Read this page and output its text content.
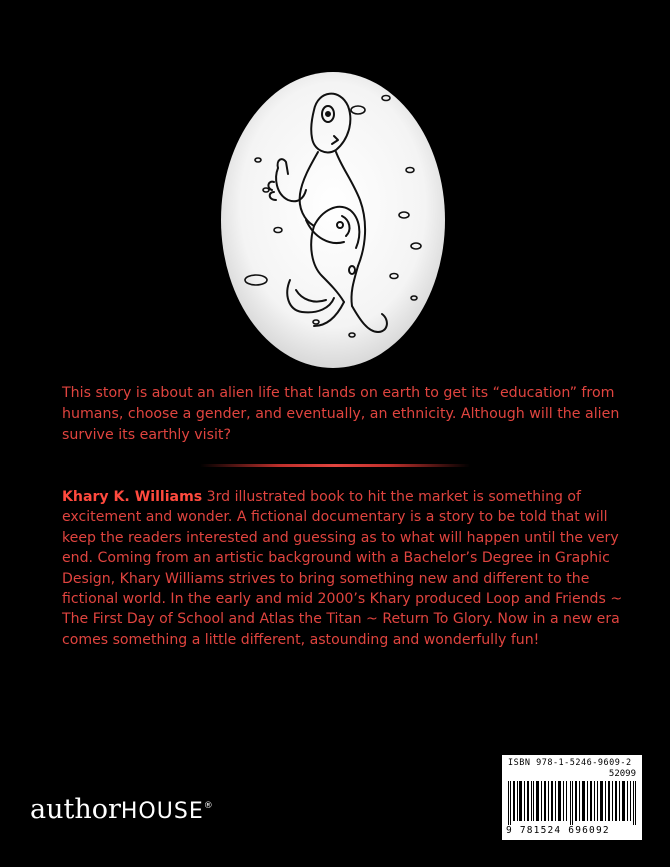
This story is about an alien life that lands on earth to get its “education” from humans, choose a gender, and eventually, an ethnicity. Although will the alien survive its earthly visit?

Khary K. Williams 3rd illustrated book to hit the market is something of excitement and wonder. A fictional documentary is a story to be told that will keep the readers interested and guessing as to what will happen until the very end. Coming from an artistic background with a Bachelor’s Degree in Graphic Design, Khary Williams strives to bring something new and different to the fictional world. In the early and mid 2000’s Khary produced Loop and Friends ~ The First Day of School and Atlas the Titan ~ Return To Glory. Now in a new era comes something a little different, astounding and wonderfully fun!

authorHOUSE®
ISBN 978-1-5246-9609-2
52099
9 781524 696092
